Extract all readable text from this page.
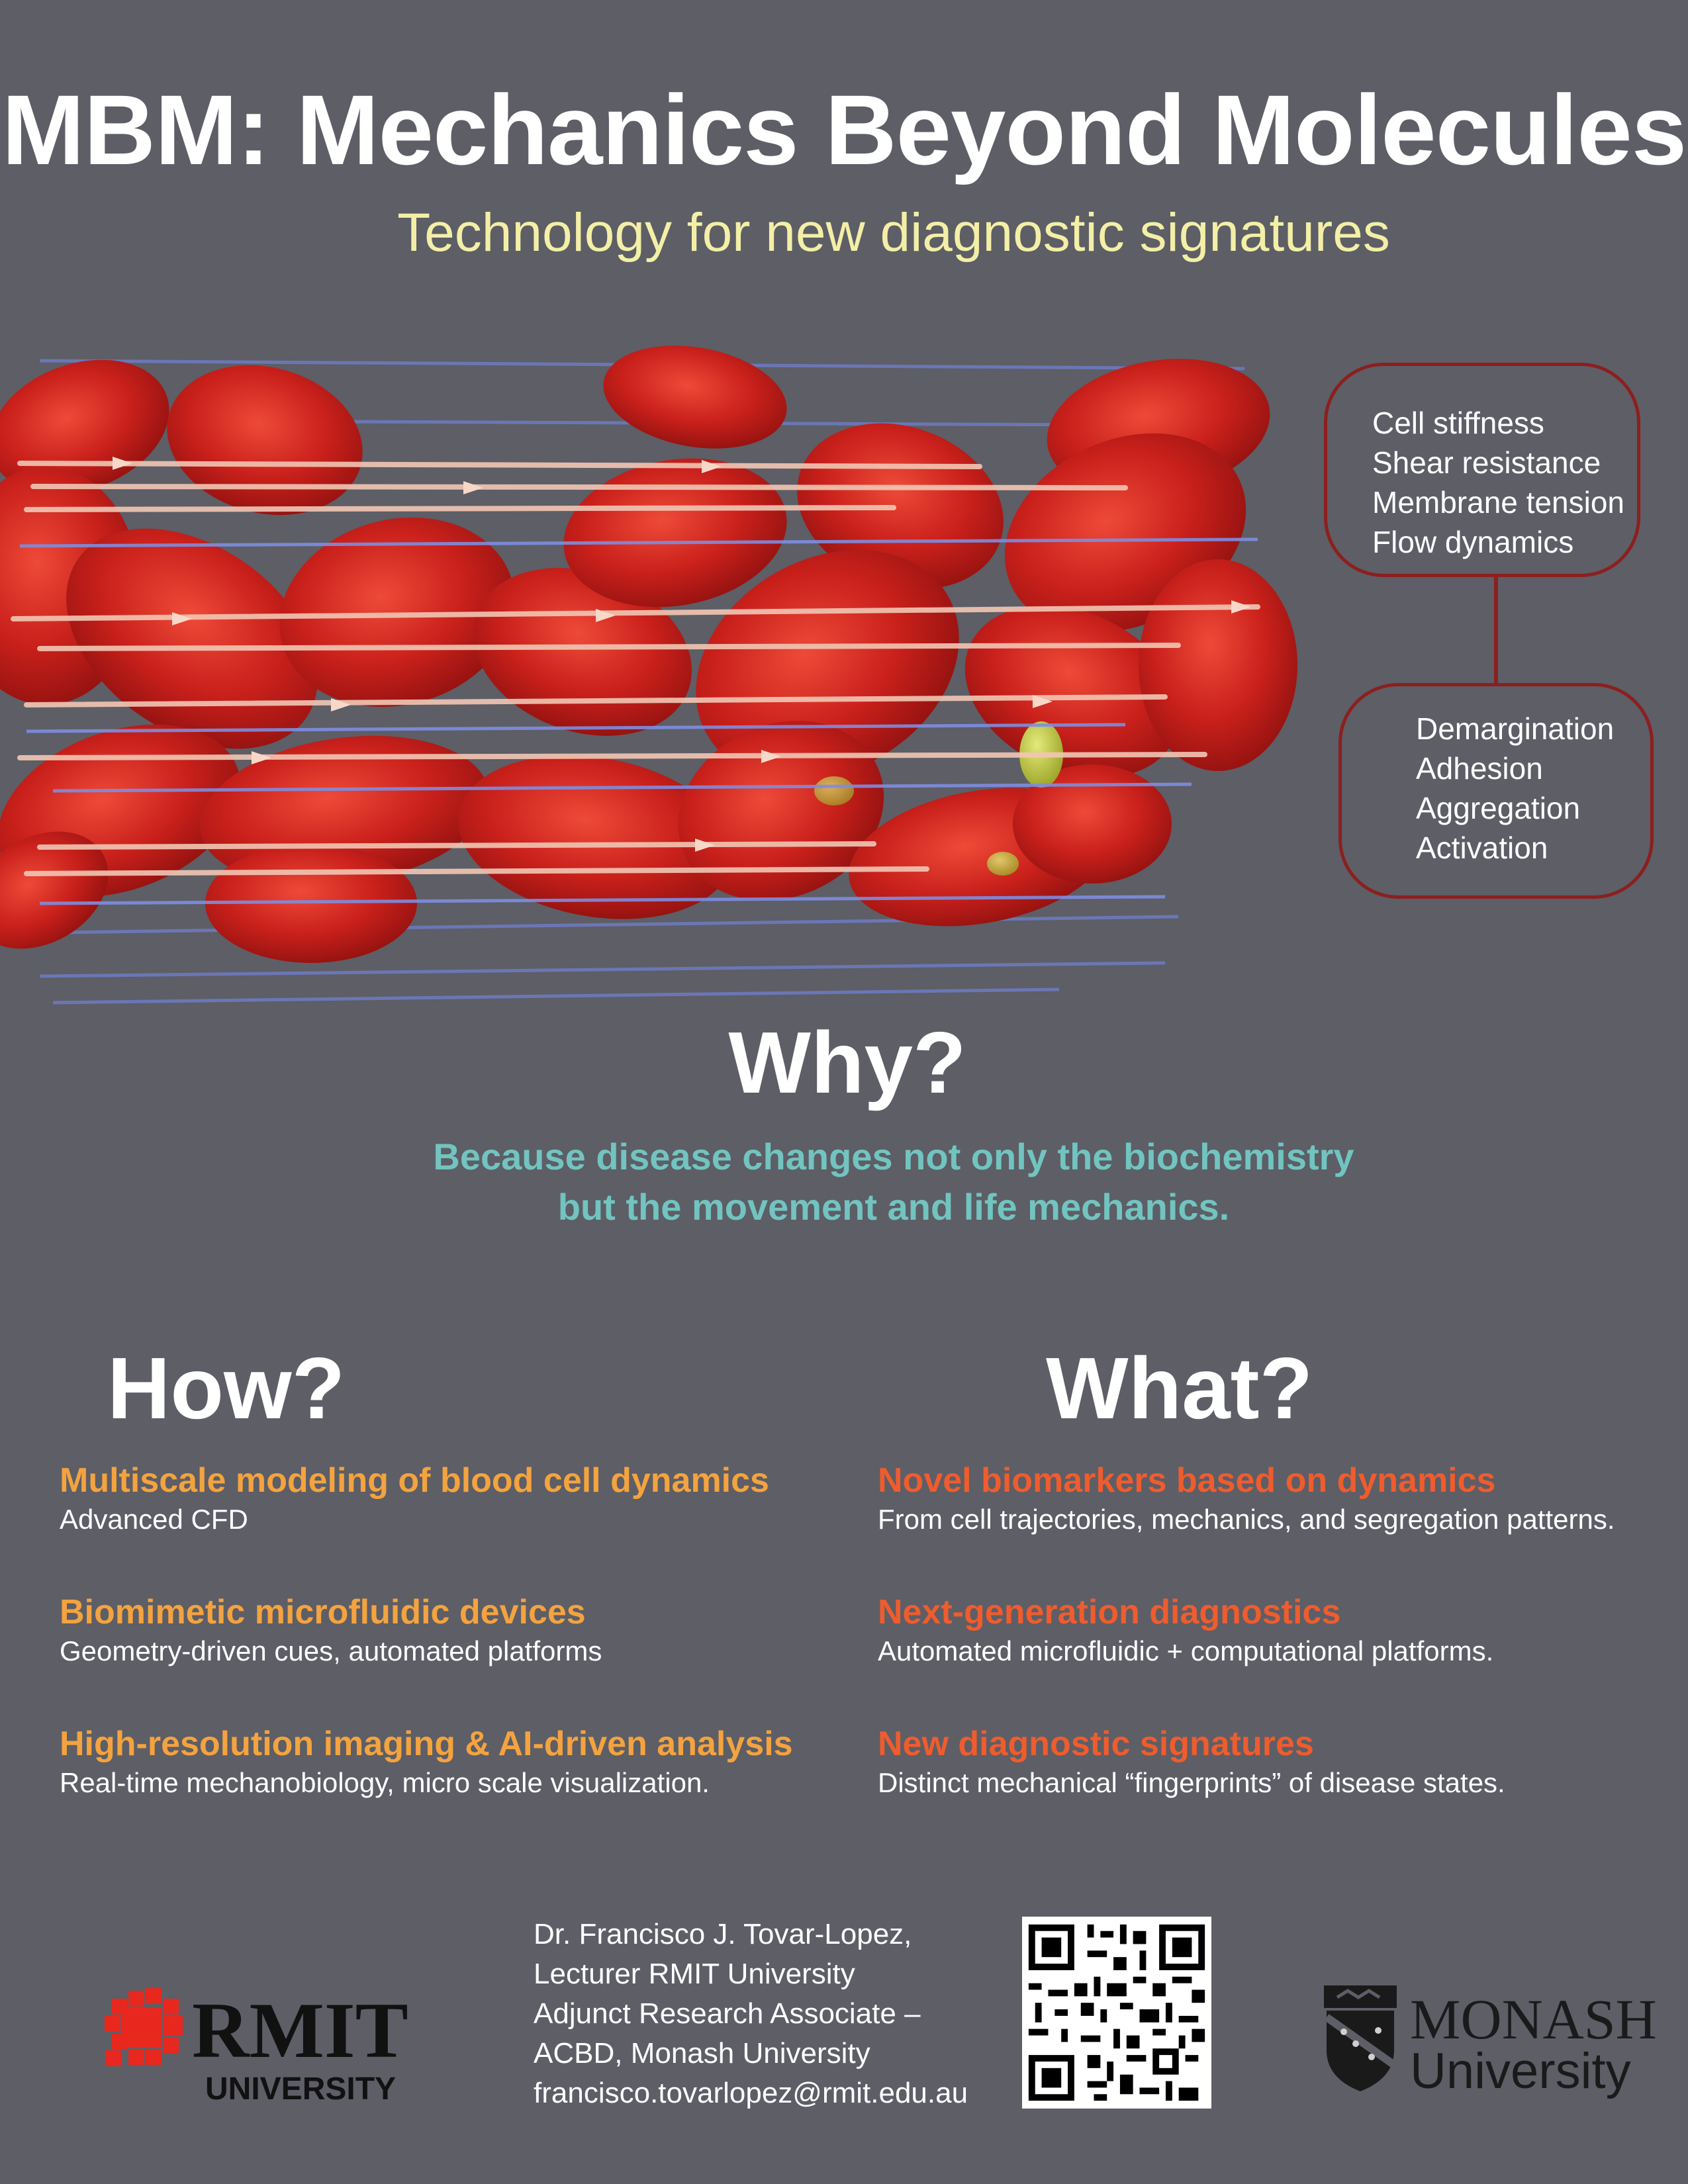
MBM: Mechanics Beyond Molecules
Technology for new diagnostic signatures
Cell stiffness
Shear resistance
Membrane tension
Flow dynamics
Demargination
Adhesion
Aggregation
Activation
Why?
Because disease changes not only the biochemistry
but the movement and life mechanics.
How?	What?
Multiscale modeling of blood cell dynamics
Advanced CFD
Biomimetic microfluidic devices
Geometry-driven cues, automated platforms
High-resolution imaging & AI-driven analysis
Real-time mechanobiology, micro scale visualization.
Novel biomarkers based on dynamics
From cell trajectories, mechanics, and segregation patterns.
Next-generation diagnostics
Automated microfluidic + computational platforms.
New diagnostic signatures
Distinct mechanical “fingerprints” of disease states.
RMIT
UNIVERSITY
Dr. Francisco J. Tovar-Lopez,
Lecturer RMIT University
Adjunct Research Associate –
ACBD, Monash University
francisco.tovarlopez@rmit.edu.au
MONASH
University
